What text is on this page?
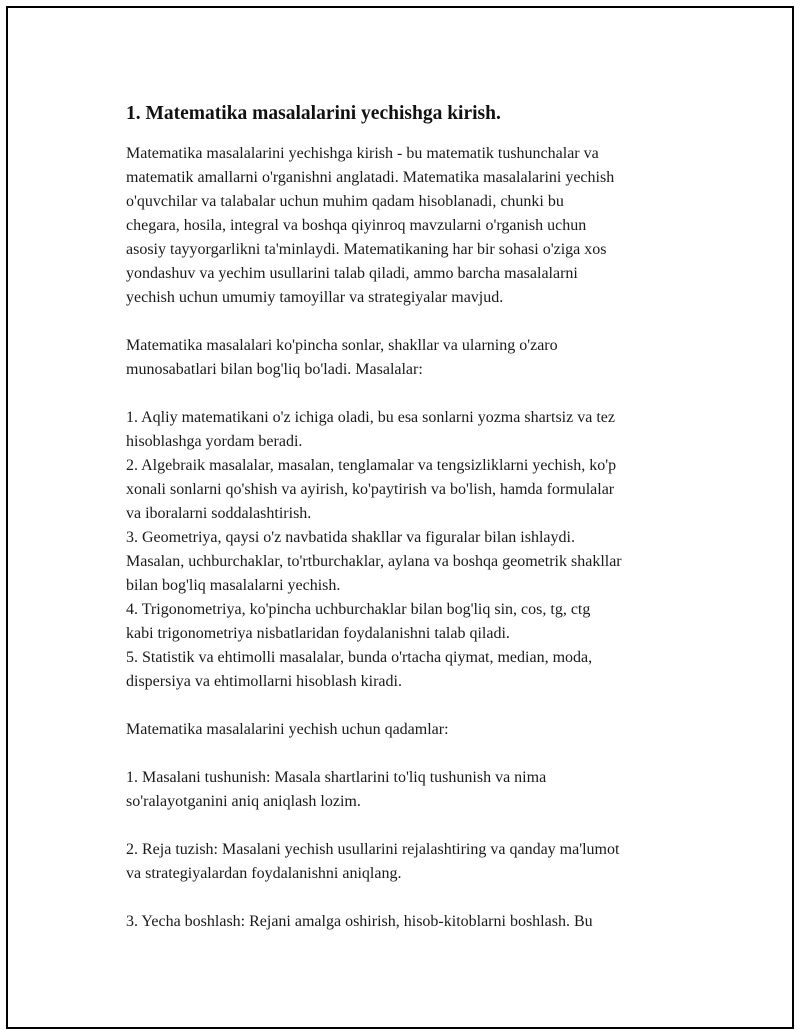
1. Matematika masalalarini yechishga kirish.

Matematika masalalarini yechishga kirish - bu matematik tushunchalar va
matematik amallarni o'rganishni anglatadi. Matematika masalalarini yechish
o'quvchilar va talabalar uchun muhim qadam hisoblanadi, chunki bu
chegara, hosila, integral va boshqa qiyinroq mavzularni o'rganish uchun
asosiy tayyorgarlikni ta'minlaydi. Matematikaning har bir sohasi o'ziga xos
yondashuv va yechim usullarini talab qiladi, ammo barcha masalalarni
yechish uchun umumiy tamoyillar va strategiyalar mavjud.

Matematika masalalari ko'pincha sonlar, shakllar va ularning o'zaro
munosabatlari bilan bog'liq bo'ladi. Masalalar:

1. Aqliy matematikani o'z ichiga oladi, bu esa sonlarni yozma shartsiz va tez
hisoblashga yordam beradi.
2. Algebraik masalalar, masalan, tenglamalar va tengsizliklarni yechish, ko'p
xonali sonlarni qo'shish va ayirish, ko'paytirish va bo'lish, hamda formulalar
va iboralarni soddalashtirish.
3. Geometriya, qaysi o'z navbatida shakllar va figuralar bilan ishlaydi.
Masalan, uchburchaklar, to'rtburchaklar, aylana va boshqa geometrik shakllar
bilan bog'liq masalalarni yechish.
4. Trigonometriya, ko'pincha uchburchaklar bilan bog'liq sin, cos, tg, ctg
kabi trigonometriya nisbatlaridan foydalanishni talab qiladi.
5. Statistik va ehtimolli masalalar, bunda o'rtacha qiymat, median, moda,
dispersiya va ehtimollarni hisoblash kiradi.

Matematika masalalarini yechish uchun qadamlar:

1. Masalani tushunish: Masala shartlarini to'liq tushunish va nima
so'ralayotganini aniq aniqlash lozim.

2. Reja tuzish: Masalani yechish usullarini rejalashtiring va qanday ma'lumot
va strategiyalardan foydalanishni aniqlang.

3. Yecha boshlash: Rejani amalga oshirish, hisob-kitoblarni boshlash. Bu
